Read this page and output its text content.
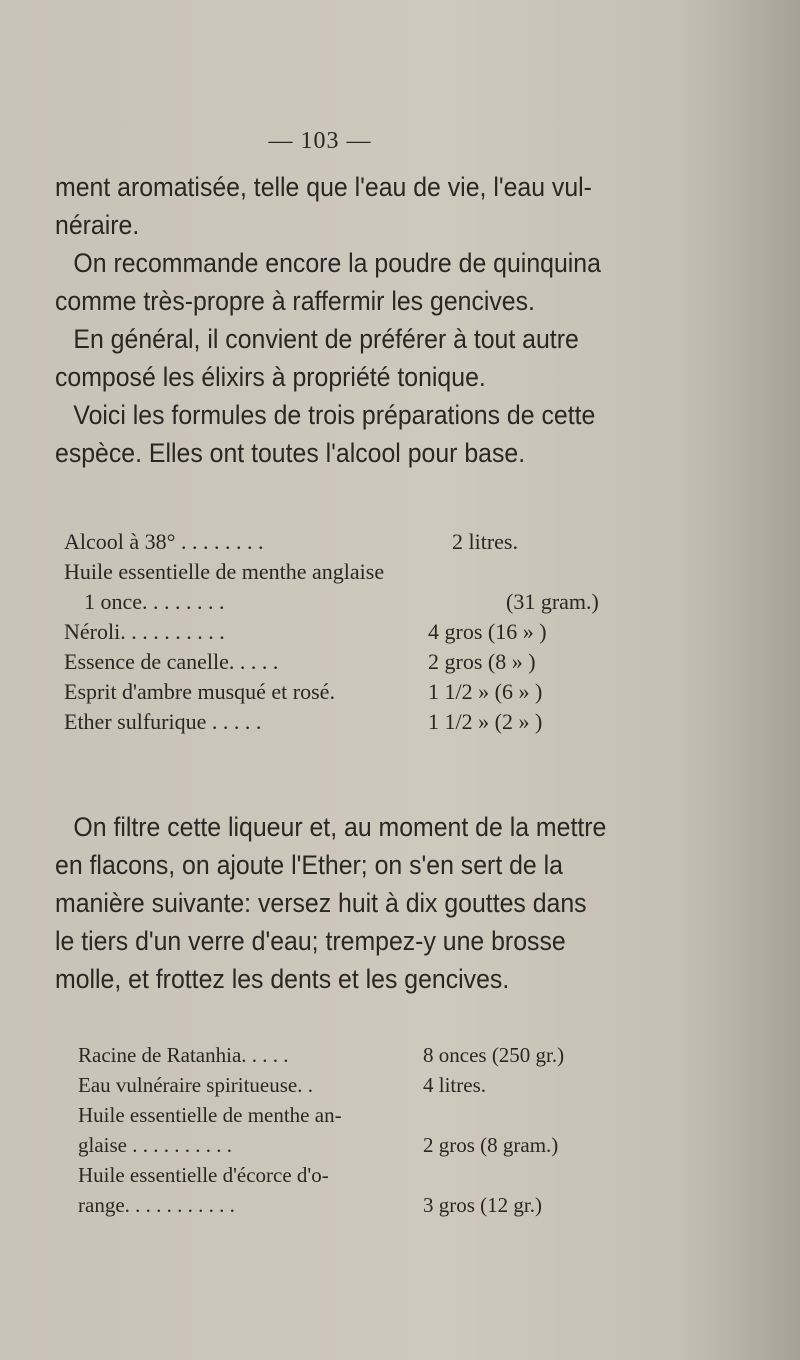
— 103 —
ment aromatisée, telle que l'eau de vie, l'eau vul-
néraire.
On recommande encore la poudre de quinquina
comme très-propre à raffermir les gencives.
En général, il convient de préférer à tout autre
composé les élixirs à propriété tonique.
Voici les formules de trois préparations de cette
espèce. Elles ont toutes l'alcool pour base.
Alcool à 38° . . . . . . . .	2 litres.
Huile essentielle de menthe anglaise
1 once. . . . . . . .	(31 gram.)
Néroli. . . . . . . . . .	4 gros (16 » )
Essence de canelle. . . . .	2 gros (8 » )
Esprit d'ambre musqué et rosé.	1 1/2 » (6 » )
Ether sulfurique . . . . .	1 1/2 » (2 » )
On filtre cette liqueur et, au moment de la mettre
en flacons, on ajoute l'Ether; on s'en sert de la
manière suivante: versez huit à dix gouttes dans
le tiers d'un verre d'eau; trempez-y une brosse
molle, et frottez les dents et les gencives.
Racine de Ratanhia. . . . .	8 onces (250 gr.)
Eau vulnéraire spiritueuse. .	4 litres.
Huile essentielle de menthe an-
glaise . . . . . . . . . .	2 gros (8 gram.)
Huile essentielle d'écorce d'o-
range. . . . . . . . . . .	3 gros (12 gr.)
